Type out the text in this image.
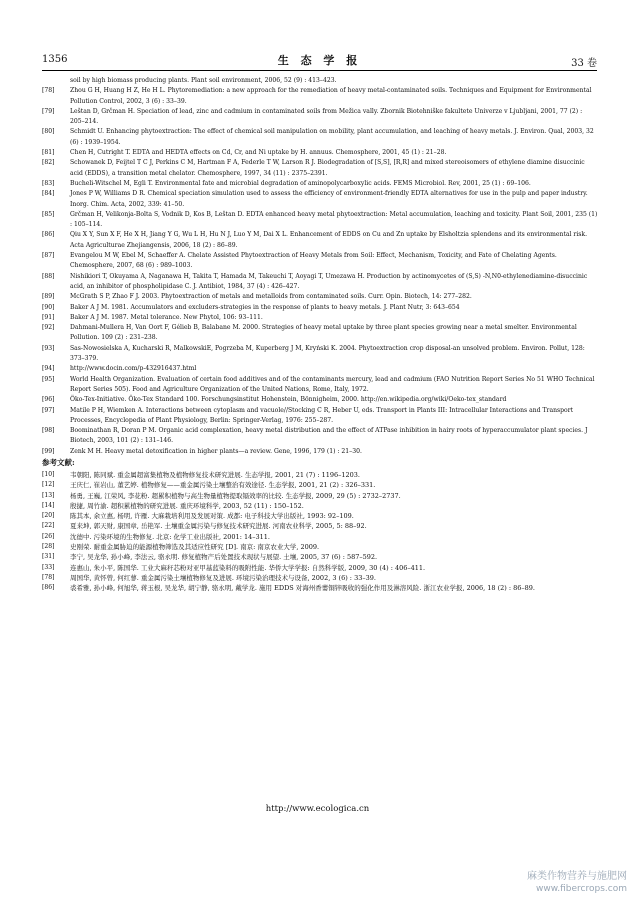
1356	生 态 学 报	33 卷
soil by high biomass producing plants. Plant soil environment, 2006, 52 (9) : 413–423.
[78]	Zhou G H, Huang H Z, He H L. Phytoremediation: a new approach for the remediation of heavy metal-contaminated soils. Techniques and Equipment for Environmental Pollution Control, 2002, 3 (6) : 33–39.
[79]	Leštan D, Grčman H. Speciation of lead, zinc and cadmium in contaminated soils from Mežica vally. Zbornik Biotehniške fakultete Univerze v Ljubljani, 2001, 77 (2) : 205–214.
[80]	Schmidt U. Enhancing phytoextraction: The effect of chemical soil manipulation on mobility, plant accumulation, and leaching of heavy metals. J. Environ. Qual, 2003, 32 (6) : 1939–1954.
[81]	Chen H, Cutright T. EDTA and HEDTA effects on Cd, Cr, and Ni uptake by H. annuus. Chemosphere, 2001, 45 (1) : 21–28.
[82]	Schowanek D, Feijtel T C J, Perkins C M, Hartman F A, Federle T W, Larson R J. Biodegradation of [S,S], [R,R] and mixed stereoisomers of ethylene diamine disuccinic acid (EDDS), a transition metal chelator. Chemosphere, 1997, 34 (11) : 2375–2391.
[83]	Bucheli-Witschel M, Egli T. Environmental fate and microbial degradation of aminopolycarboxylic acids. FEMS Microbiol. Rev, 2001, 25 (1) : 69–106.
[84]	Jones P W, Williams D R. Chemical speciation simulation used to assess the efficiency of environment-friendly EDTA alternatives for use in the pulp and paper industry. Inorg. Chim. Acta, 2002, 339: 41–50.
[85]	Grčman H, Velikonja-Bolta S, Vodnik D, Kos B, Leštan D. EDTA enhanced heavy metal phytoextraction: Metal accumulation, leaching and toxicity. Plant Soil, 2001, 235 (1) : 105–114.
[86]	Qiu X Y, Sun X F, He X H, Jiang Y G, Wu L H, Hu N J, Luo Y M, Dai X L. Enhancement of EDDS on Cu and Zn uptake by Elsholtzia splendens and its environmental risk. Acta Agriculturae Zhejiangensis, 2006, 18 (2) : 86–89.
[87]	Evangelou M W, Ebel M, Schaeffer A. Chelate Assisted Phytoextraction of Heavy Metals from Soil: Effect, Mechanism, Toxicity, and Fate of Chelating Agents. Chemosphere, 2007, 68 (6) : 989–1003.
[88]	Nishikiori T, Okuyama A, Naganawa H, Takita T, Hamada M, Takeuchi T, Aoyagi T, Umezawa H. Production by actinomycetes of (S,S) -N,N0-ethylenediamine-disuccinic acid, an inhibitor of phospholipidase C. J. Antibiot, 1984, 37 (4) : 426–427.
[89]	McGrath S P, Zhao F J. 2003. Phytoextraction of metals and metalloids from contaminated soils. Curr. Opin. Biotech, 14: 277–282.
[90]	Baker A J M. 1981. Accumulators and excluders-strategies in the response of plants to heavy metals. J. Plant Nutr, 3: 643–654
[91]	Baker A J M. 1987. Metal tolerance. New Phytol, 106: 93–111.
[92]	Dahmani-Mullera H, Van Oort F, Gélieb B, Balabane M. 2000. Strategies of heavy metal uptake by three plant species growing near a metal smelter. Environmental Pollution. 109 (2) : 231–238.
[93]	Sas-Nowosielska A, Kucharski R, MalkowskiE, Pogrzeba M, Kuperberg J M, Kryński K. 2004. Phytoextraction crop disposal-an unsolved problem. Environ. Pollut, 128: 373–379.
[94]	http://www.docin.com/p-432916437.html
[95]	World Health Organization. Evaluation of certain food additives and of the contaminants mercury, lead and cadmium (FAO Nutrition Report Series No 51 WHO Technical Report Series 505). Food and Agriculture Organization of the United Nations, Rome, Italy, 1972.
[96]	Öko-Tex-Initiative. Öko-Tex Standard 100. Forschungsinstitut Hohenstein, Bönnigheim, 2000. http://en.wikipedia.org/wiki/Oeko-tex_standard
[97]	Matile P H, Wiemken A. Interactions between cytoplasm and vacuole//Stocking C R, Heber U, eds. Transport in Plants III: Intracellular Interactions and Transport Processes, Encyclopedia of Plant Physiology, Berlin: Springer-Verlag, 1976: 255–287.
[98]	Boominathan R, Doran P M. Organic acid complexation, heavy metal distribution and the effect of ATPase inhibition in hairy roots of hyperaccumulator plant species. J Biotech, 2003, 101 (2) : 131–146.
[99]	Zenk M H. Heavy metal detoxification in higher plants—a review. Gene, 1996, 179 (1) : 21–30.
参考文献:
[10] 韦朝阳, 陈同斌. 重金属超富集植物及植物修复技术研究进展. 生态学报, 2001, 21 (7) : 1196–1203.
[12] 王庆仁, 崔岩山, 董艺婷. 植物修复——重金属污染土壤整治有效途径. 生态学报, 2001, 21 (2) : 326–331.
[13] 杨勇, 王巍, 江荣风, 李花粉. 超累积植物与高生物量植物提取镉效率的比较. 生态学报, 2009, 29 (5) : 2732–2737.
[14] 殷捷, 周竹渝. 超积累植物的研究进展. 重庆环境科学, 2003, 52 (11) : 150–152.
[20] 陈其本, 余立惠, 杨明, 许雁. 大麻栽培利用及发展对策. 成都: 电子科技大学出版社, 1993: 92–109.
[22] 夏来坤, 郭天财, 康国章, 岳艳军. 土壤重金属污染与修复技术研究进展. 河南农业科学, 2005, 5: 88–92.
[26] 沈德中. 污染环境的生物修复. 北京: 化学工业出版社, 2001: 14–311.
[28] 史刚荣. 耐重金属胁迫的能源植物筛选及其适应性研究 [D]. 南京: 南京农业大学, 2009.
[31] 李宁, 吴龙华, 孙小峰, 李法云, 骆永明. 修复植物产后处置技术现状与展望. 土壤, 2005, 37 (6) : 587–592.
[33] 连惠山, 朱小平, 陈国华. 工业大麻秆芯粉对亚甲基蓝染料的吸附性能. 华侨大学学报: 自然科学版, 2009, 30 (4) : 406–411.
[78] 周国华, 黄怀曾, 何红蓼. 重金属污染土壤植物修复及进展. 环境污染治理技术与设备, 2002, 3 (6) : 33–39.
[86] 裘希雅, 孙小峰, 何旭华, 蒋玉根, 吴龙华, 胡宁静, 骆永明, 戴学龙. 施用 EDDS 对海州香薷铜锌吸收的强化作用及淋溶风险. 浙江农业学报, 2006, 18 (2) : 86–89.
http://www.ecologica.cn
麻类作物营养与施肥网
www.fibercrops.com
